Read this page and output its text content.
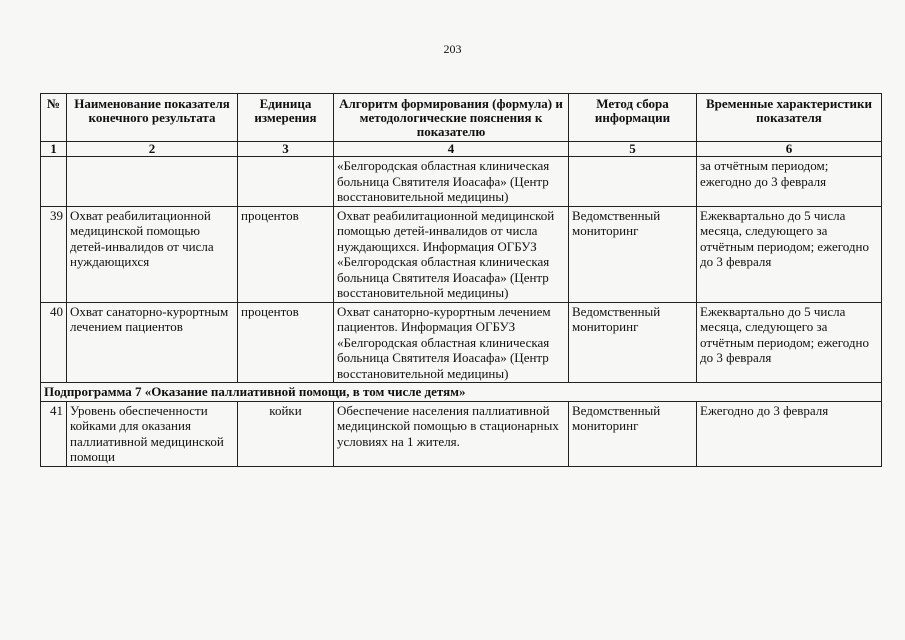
203
№	Наименование показателя конечного результата	Единица измерения	Алгоритм формирования (формула) и методологические пояснения к показателю	Метод сбора информации	Временные характеристики показателя
1	2	3	4	5	6
			«Белгородская областная клиническая больница Святителя Иоасафа» (Центр восстановительной медицины)		за отчётным периодом; ежегодно до 3 февраля
39	Охват реабилитационной медицинской помощью детей-инвалидов от числа нуждающихся	процентов	Охват реабилитационной медицинской помощью детей-инвалидов от числа нуждающихся. Информация ОГБУЗ «Белгородская областная клиническая больница Святителя Иоасафа» (Центр восстановительной медицины)	Ведомственный мониторинг	Ежеквартально до 5 числа месяца, следующего за отчётным периодом; ежегодно до 3 февраля
40	Охват санаторно-курортным лечением пациентов	процентов	Охват санаторно-курортным лечением пациентов. Информация ОГБУЗ «Белгородская областная клиническая больница Святителя Иоасафа» (Центр восстановительной медицины)	Ведомственный мониторинг	Ежеквартально до 5 числа месяца, следующего за отчётным периодом; ежегодно до 3 февраля
Подпрограмма 7 «Оказание паллиативной помощи, в том числе детям»					
41	Уровень обеспеченности койками для оказания паллиативной медицинской помощи	койки	Обеспечение населения паллиативной медицинской помощью в стационарных условиях на 1 жителя.	Ведомственный мониторинг	Ежегодно до 3 февраля
